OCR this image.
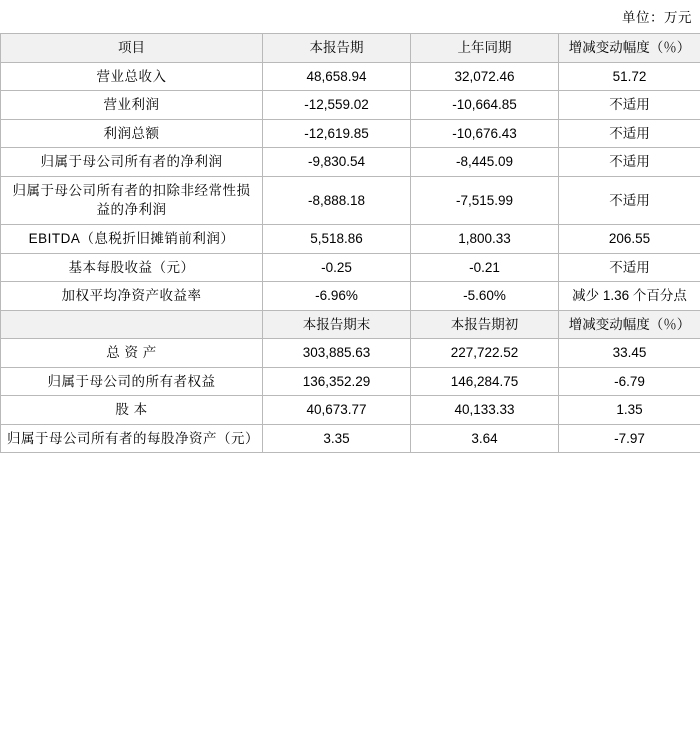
单位：万元
项目	本报告期	上年同期	增减变动幅度（％）
营业总收入	48,658.94	32,072.46	51.72
营业利润	-12,559.02	-10,664.85	不适用
利润总额	-12,619.85	-10,676.43	不适用
归属于母公司所有者的净利润	-9,830.54	-8,445.09	不适用
归属于母公司所有者的扣除非经常性损益的净利润	-8,888.18	-7,515.99	不适用
EBITDA（息税折旧摊销前利润）	5,518.86	1,800.33	206.55
基本每股收益（元）	-0.25	-0.21	不适用
加权平均净资产收益率	-6.96%	-5.60%	减少 1.36 个百分点
	本报告期末	本报告期初	增减变动幅度（％）
总 资 产	303,885.63	227,722.52	33.45
归属于母公司的所有者权益	136,352.29	146,284.75	-6.79
股 本	40,673.77	40,133.33	1.35
归属于母公司所有者的每股净资产（元）	3.35	3.64	-7.97
